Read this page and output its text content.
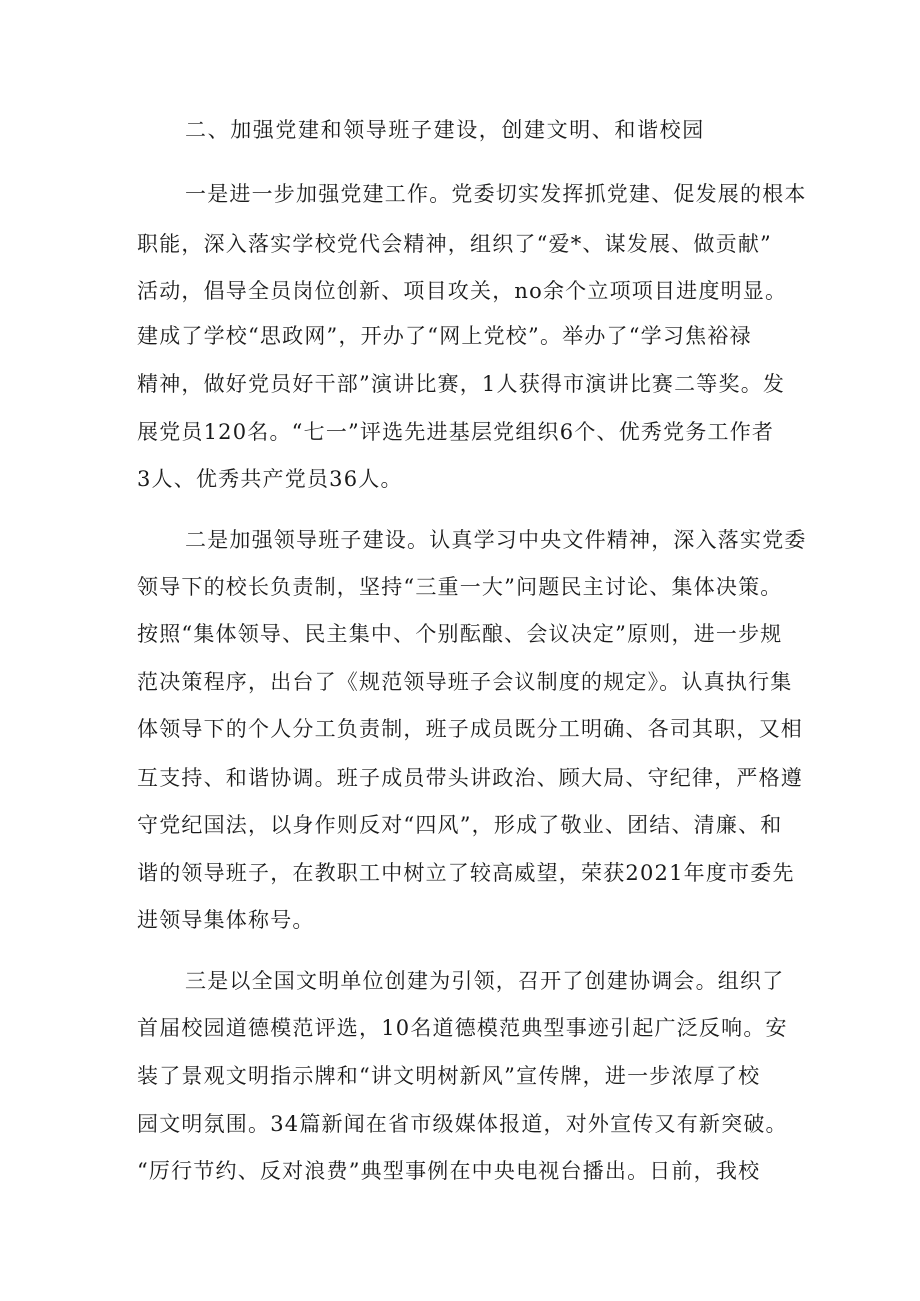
二、加强党建和领导班子建设，创建文明、和谐校园
一是进一步加强党建工作。党委切实发挥抓党建、促发展的根本
职能，深入落实学校党代会精神，组织了“爱*、谋发展、做贡献”
活动，倡导全员岗位创新、项目攻关，no余个立项项目进度明显。
建成了学校“思政网”，开办了“网上党校”。举办了“学习焦裕禄
精神，做好党员好干部”演讲比赛，1人获得市演讲比赛二等奖。发
展党员120名。“七一”评选先进基层党组织6个、优秀党务工作者
3人、优秀共产党员36人。
二是加强领导班子建设。认真学习中央文件精神，深入落实党委
领导下的校长负责制，坚持“三重一大”问题民主讨论、集体决策。
按照“集体领导、民主集中、个别酝酿、会议决定”原则，进一步规
范决策程序，出台了《规范领导班子会议制度的规定》。认真执行集
体领导下的个人分工负责制，班子成员既分工明确、各司其职，又相
互支持、和谐协调。班子成员带头讲政治、顾大局、守纪律，严格遵
守党纪国法，以身作则反对“四风”，形成了敬业、团结、清廉、和
谐的领导班子，在教职工中树立了较高威望，荣获2021年度市委先
进领导集体称号。
三是以全国文明单位创建为引领，召开了创建协调会。组织了
首届校园道德模范评选，10名道德模范典型事迹引起广泛反响。安
装了景观文明指示牌和“讲文明树新风”宣传牌，进一步浓厚了校
园文明氛围。34篇新闻在省市级媒体报道，对外宣传又有新突破。
“厉行节约、反对浪费”典型事例在中央电视台播出。日前，我校
